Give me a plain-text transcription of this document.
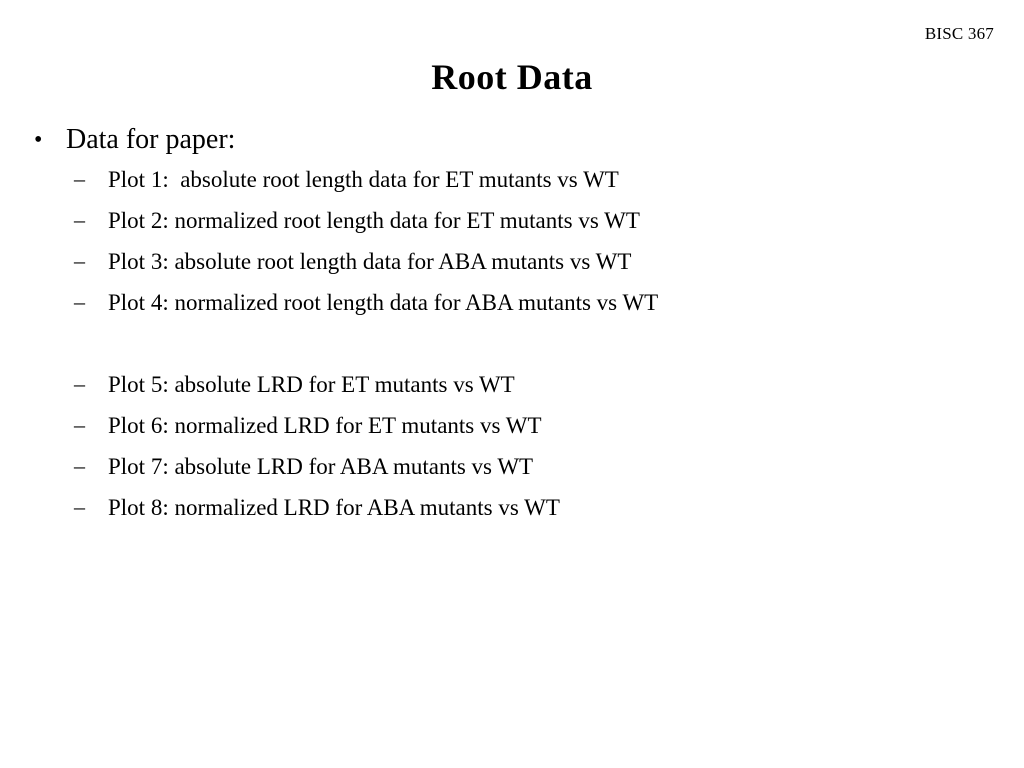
BISC 367
Root Data
• Data for paper:
–	Plot 1:  absolute root length data for ET mutants vs WT
–	Plot 2: normalized root length data for ET mutants vs WT
–	Plot 3: absolute root length data for ABA mutants vs WT
–	Plot 4: normalized root length data for ABA mutants vs WT
–	Plot 5: absolute LRD for ET mutants vs WT
–	Plot 6: normalized LRD for ET mutants vs WT
–	Plot 7: absolute LRD for ABA mutants vs WT
–	Plot 8: normalized LRD for ABA mutants vs WT
